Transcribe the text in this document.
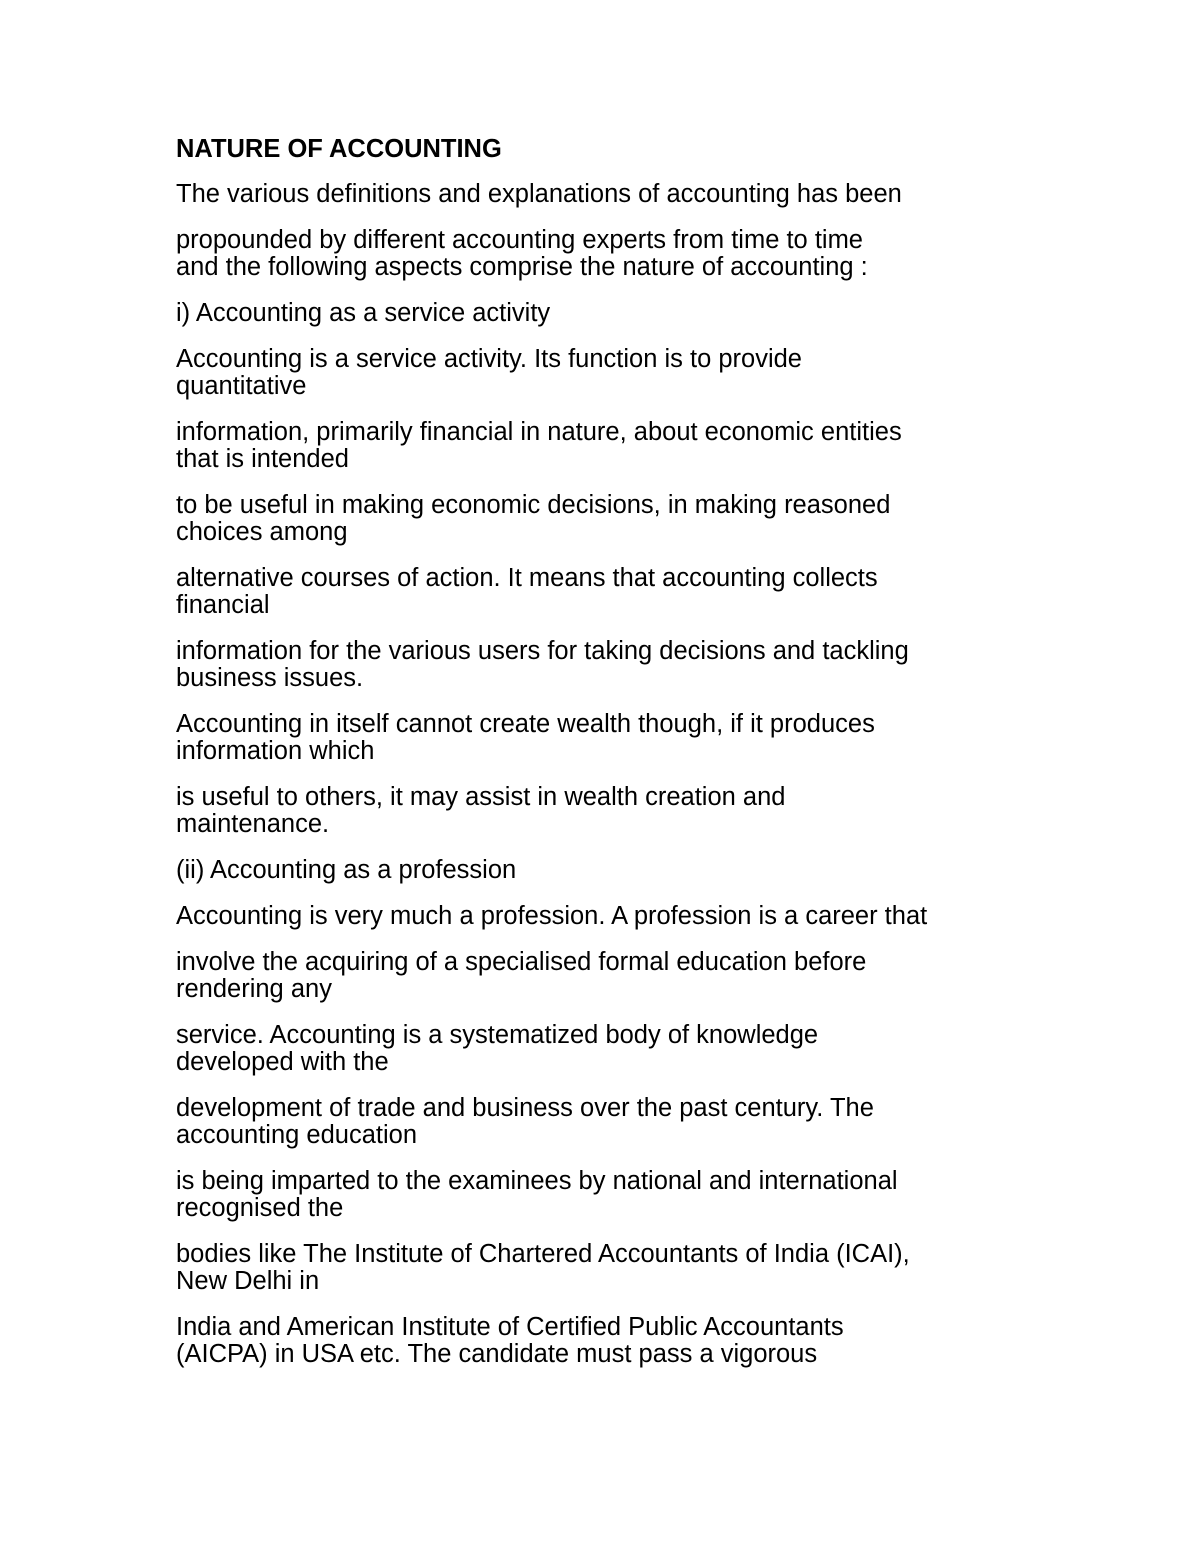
NATURE OF ACCOUNTING
The various definitions and explanations of accounting has been
propounded by different accounting experts from time to time
and the following aspects comprise the nature of accounting :
i) Accounting as a service activity
Accounting is a service activity. Its function is to provide
quantitative
information, primarily financial in nature, about economic entities
that is intended
to be useful in making economic decisions, in making reasoned
choices among
alternative courses of action. It means that accounting collects
financial
information for the various users for taking decisions and tackling
business issues.
Accounting in itself cannot create wealth though, if it produces
information which
is useful to others, it may assist in wealth creation and
maintenance.
(ii) Accounting as a profession
Accounting is very much a profession. A profession is a career that
involve the acquiring of a specialised formal education before
rendering any
service. Accounting is a systematized body of knowledge
developed with the
development of trade and business over the past century. The
accounting education
is being imparted to the examinees by national and international
recognised the
bodies like The Institute of Chartered Accountants of India (ICAI),
New Delhi in
India and American Institute of Certified Public Accountants
(AICPA) in USA etc. The candidate must pass a vigorous
